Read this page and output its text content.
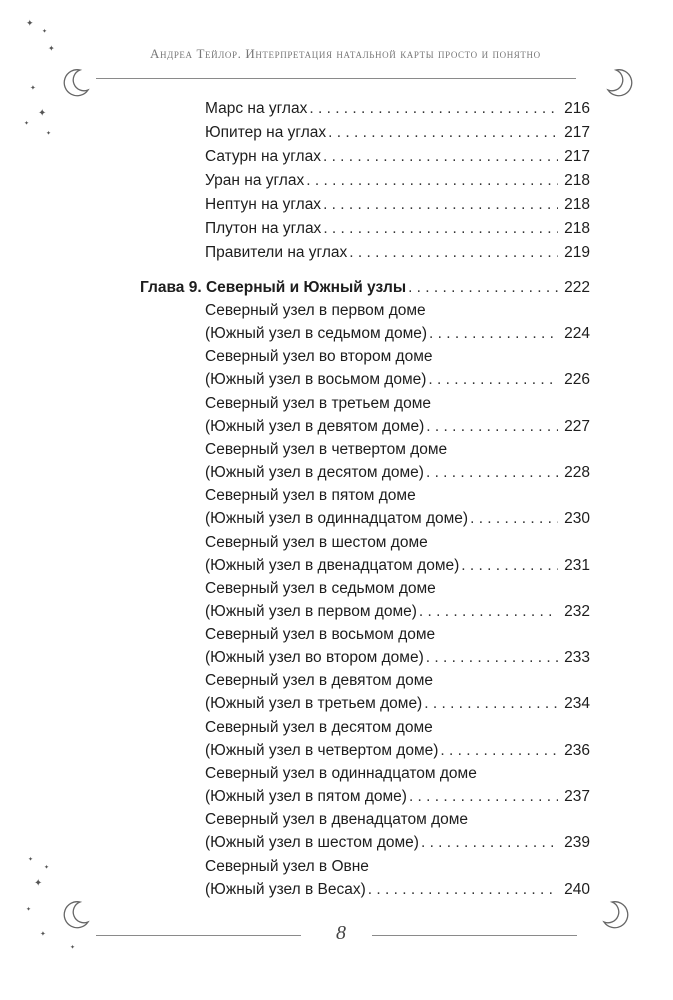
Андреа Тейлор. Интерпретация натальной карты просто и понятно
✦
✦
✦
✦
✦
✦
✦
✦
✦
✦
✦
✦
✦
8
Марс на углах . . .	216
Юпитер на углах . . .	217
Сатурн на углах . . .	217
Уран на углах . . .	218
Нептун на углах . . .	218
Плутон на углах . . .	218
Правители на углах . . .	219
Глава 9. Северный и Южный узлы . . .	222
Северный узел в первом доме
(Южный узел в седьмом доме) . . .	224
Северный узел во втором доме
(Южный узел в восьмом доме) . . .	226
Северный узел в третьем доме
(Южный узел в девятом доме) . . .	227
Северный узел в четвертом доме
(Южный узел в десятом доме) . . .	228
Северный узел в пятом доме
(Южный узел в одиннадцатом доме) . . .	230
Северный узел в шестом доме
(Южный узел в двенадцатом доме) . . .	231
Северный узел в седьмом доме
(Южный узел в первом доме) . . .	232
Северный узел в восьмом доме
(Южный узел во втором доме) . . .	233
Северный узел в девятом доме
(Южный узел в третьем доме) . . .	234
Северный узел в десятом доме
(Южный узел в четвертом доме) . . .	236
Северный узел в одиннадцатом доме
(Южный узел в пятом доме) . . .	237
Северный узел в двенадцатом доме
(Южный узел в шестом доме) . . .	239
Северный узел в Овне
(Южный узел в Весах) . . .	240
